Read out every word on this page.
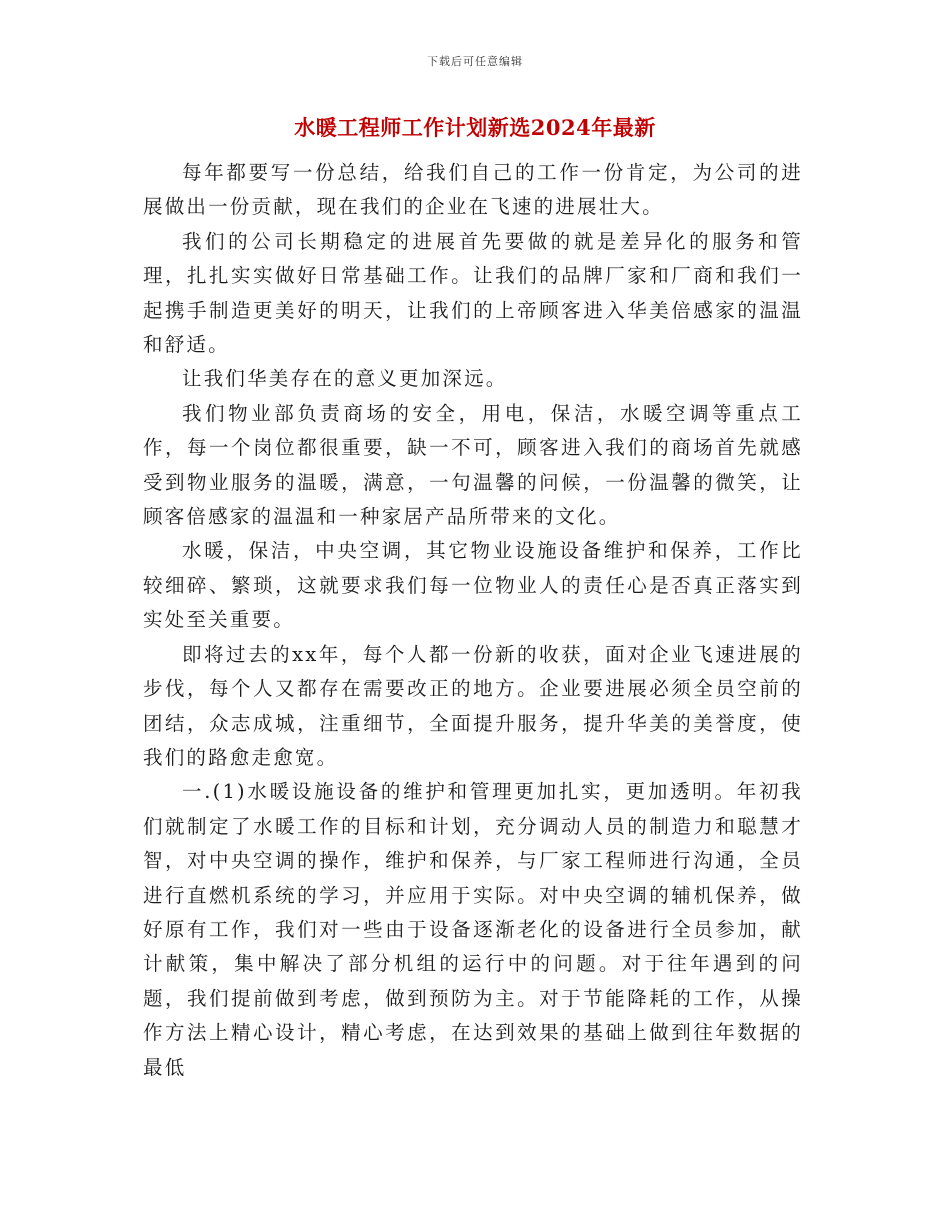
下载后可任意编辑
水暖工程师工作计划新选2024年最新

每年都要写一份总结，给我们自己的工作一份肯定，为公司的进展做出一份贡献，现在我们的企业在飞速的进展壮大。

我们的公司长期稳定的进展首先要做的就是差异化的服务和管理，扎扎实实做好日常基础工作。让我们的品牌厂家和厂商和我们一起携手制造更美好的明天，让我们的上帝顾客进入华美倍感家的温温和舒适。

让我们华美存在的意义更加深远。

我们物业部负责商场的安全，用电，保洁，水暖空调等重点工作，每一个岗位都很重要，缺一不可，顾客进入我们的商场首先就感受到物业服务的温暖，满意，一句温馨的问候，一份温馨的微笑，让顾客倍感家的温温和一种家居产品所带来的文化。

水暖，保洁，中央空调，其它物业设施设备维护和保养，工作比较细碎、繁琐，这就要求我们每一位物业人的责任心是否真正落实到实处至关重要。

即将过去的xx年，每个人都一份新的收获，面对企业飞速进展的步伐，每个人又都存在需要改正的地方。企业要进展必须全员空前的团结，众志成城，注重细节，全面提升服务，提升华美的美誉度，使我们的路愈走愈宽。

一.(1)水暖设施设备的维护和管理更加扎实，更加透明。年初我们就制定了水暖工作的目标和计划，充分调动人员的制造力和聪慧才智，对中央空调的操作，维护和保养，与厂家工程师进行沟通，全员进行直燃机系统的学习，并应用于实际。对中央空调的辅机保养，做好原有工作，我们对一些由于设备逐渐老化的设备进行全员参加，献计献策，集中解决了部分机组的运行中的问题。对于往年遇到的问题，我们提前做到考虑，做到预防为主。对于节能降耗的工作，从操作方法上精心设计，精心考虑，在达到效果的基础上做到往年数据的最低
